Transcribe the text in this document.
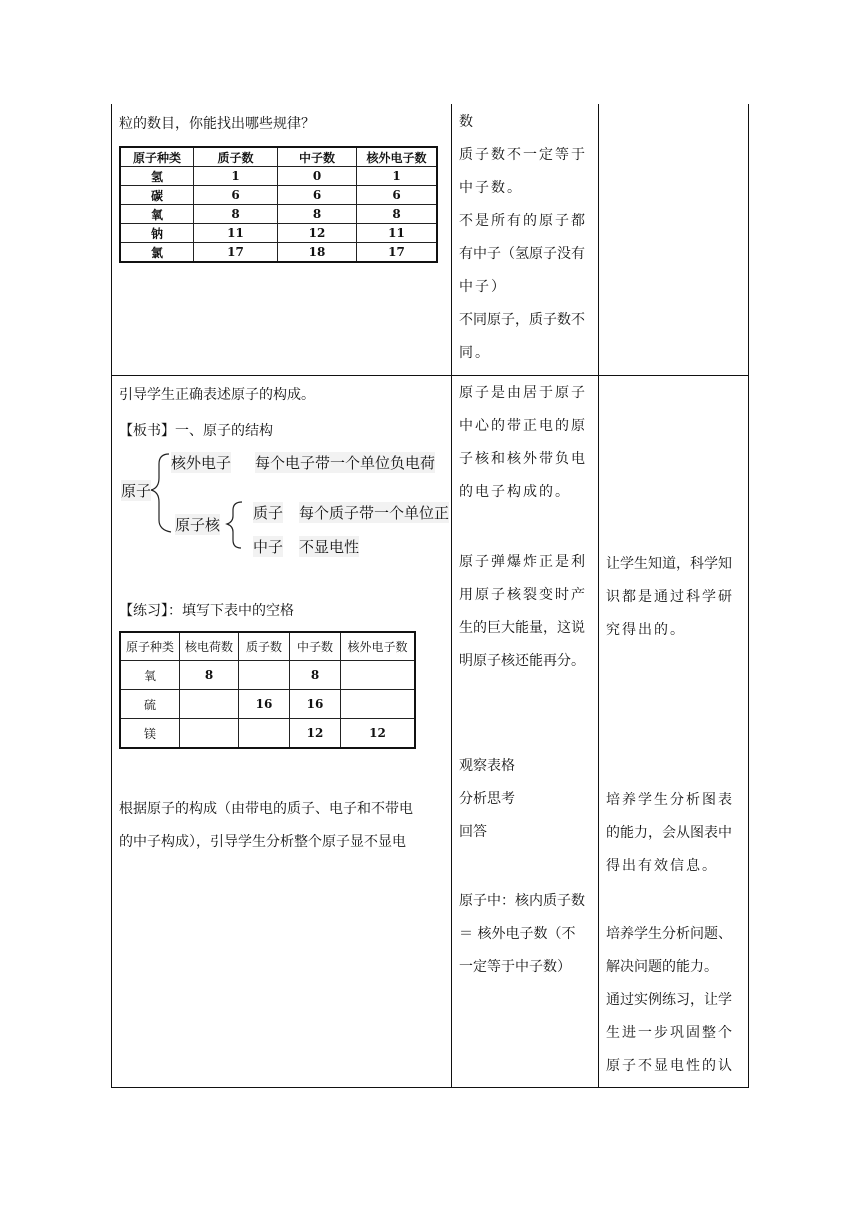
粒的数目，你能找出哪些规律？
原子种类	质子数	中子数	核外电子数
氢	1	0	1
碳	6	6	6
氧	8	8	8
钠	11	12	11
氯	17	18	17

数

质子数不一定等于

中子数。

不是所有的原子都

有中子（氢原子没有

中子）

不同原子，质子数不

同。

引导学生正确表述原子的构成。
【板书】一、原子的结构
原子
核外电子 每个电子带一个单位负电荷
原子核
质子 每个质子带一个单位正
中子 不显电性
【练习】：填写下表中的空格
原子种类	核电荷数	质子数	中子数	核外电子数
氧	8		8	
硫		16	16	
镁			12	12

根据原子的构成（由带电的质子、电子和不带电

的中子构成），引导学生分析整个原子显不显电

原子是由居于原子

中心的带正电的原

子核和核外带负电

的电子构成的。

原子弹爆炸正是利

用原子核裂变时产

生的巨大能量，这说

明原子核还能再分。

观察表格

分析思考

回答

原子中：核内质子数

＝ 核外电子数（不

一定等于中子数）

让学生知道，科学知

识都是通过科学研

究得出的。

培养学生分析图表

的能力，会从图表中

得出有效信息。

培养学生分析问题、

解决问题的能力。

通过实例练习，让学

生进一步巩固整个

原子不显电性的认
